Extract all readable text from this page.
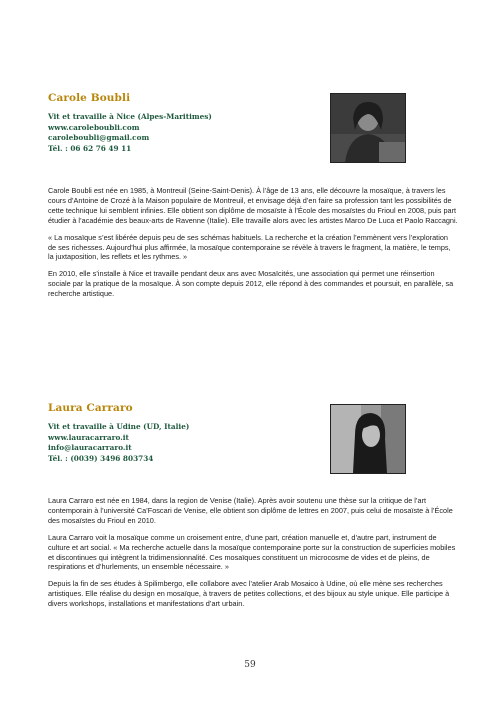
Carole Boubli
Vit et travaille à Nice (Alpes-Maritimes)
www.caroleboubli.com
caroleboubli@gmail.com
Tél. : 06 62 76 49 11

Carole Boubli est née en 1985, à Montreuil (Seine-Saint-Denis). À l’âge de 13 ans, elle découvre la mosaïque, à travers les cours d’Antoine de Crozé à la Maison populaire de Montreuil, et envisage déjà d’en faire sa profession tant les possibilités de cette technique lui semblent infinies. Elle obtient son diplôme de mosaïste à l’École des mosaïstes du Frioul en 2008, puis part étudier à l’académie des beaux-arts de Ravenne (Italie). Elle travaille alors avec les artistes Marco De Luca et Paolo Raccagni.

« La mosaïque s’est libérée depuis peu de ses schémas habituels. La recherche et la création l’emmènent vers l’exploration de ses richesses. Aujourd’hui plus affirmée, la mosaïque contemporaine se révèle à travers le fragment, la matière, le temps, la juxtaposition, les reflets et les rythmes. »

En 2010, elle s’installe à Nice et travaille pendant deux ans avec Mosaïcités, une association qui permet une réinsertion sociale par la pratique de la mosaïque. À son compte depuis 2012, elle répond à des commandes et poursuit, en parallèle, sa recherche artistique.

Laura Carraro
Vit et travaille à Udine (UD, Italie)
www.lauracarraro.it
info@lauracarraro.it
Tél. : (0039) 3496 803734

Laura Carraro est née en 1984, dans la region de Venise (Italie). Après avoir soutenu une thèse sur la critique de l’art contemporain à l’université Ca’Foscari de Venise, elle obtient son diplôme de lettres en 2007, puis celui de mosaïste à l’École des mosaïstes du Frioul en 2010.

Laura Carraro voit la mosaïque comme un croisement entre, d’une part, création manuelle et, d’autre part, instrument de culture et art social. « Ma recherche actuelle dans la mosaïque contemporaine porte sur la construction de superficies mobiles et discontinues qui intègrent la tridimensionnalité. Ces mosaïques constituent un microcosme de vides et de pleins, de respirations et d’hurlements, un ensemble nécessaire. »

Depuis la fin de ses études à Spilimbergo, elle collabore avec l’atelier Arab Mosaico à Udine, où elle mène ses recherches artistiques. Elle réalise du design en mosaïque, à travers de petites collections, et des bijoux au style unique. Elle participe à divers workshops, installations et manifestations d’art urbain.

59
